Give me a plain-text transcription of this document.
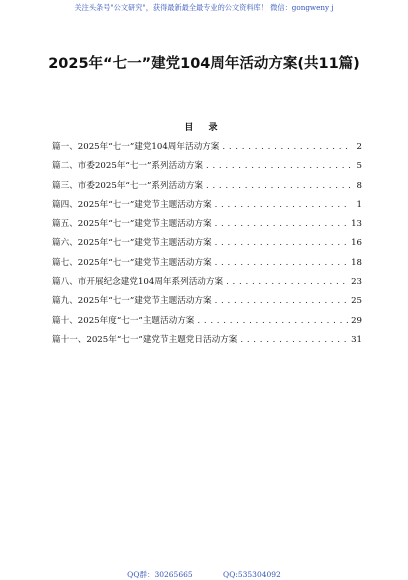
关注头条号"公文研究"，获得最新最全最专业的公文资料库！ 微信：gongweny j
2025年“七一”建党104周年活动方案(共11篇)
目 录
篇一、2025年“七一”建党104周年活动方案 . . .	2
篇二、市委2025年“七一”系列活动方案 . . .	5
篇三、市委2025年“七一”系列活动方案 . . .	8
篇四、2025年“七一”建党节主题活动方案 . . .	1
篇五、2025年“七一”建党节主题活动方案 . . .	13
篇六、2025年“七一”建党节主题活动方案 . . .	16
篇七、2025年“七一”建党节主题活动方案 . . .	18
篇八、市开展纪念建党104周年系列活动方案 . . .	23
篇九、2025年“七一”建党节主题活动方案 . . .	25
篇十、2025年度“七一”主题活动方案 . . .	29
篇十一、2025年“七一”建党节主题党日活动方案 . . .	31
QQ群：30265665	QQ:535304092
